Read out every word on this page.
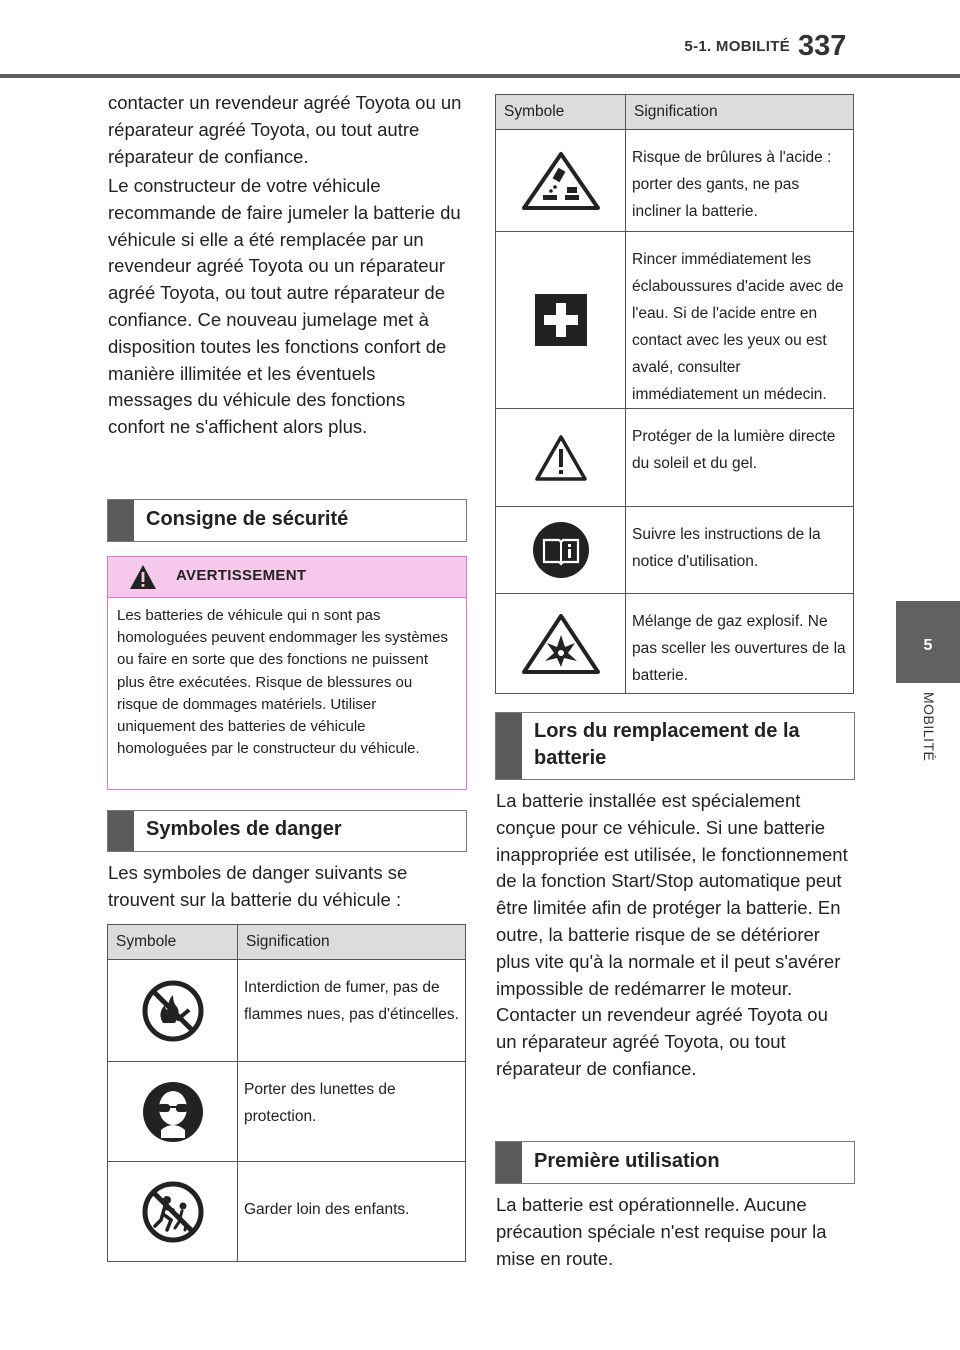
5-1. MOBILITÉ 337
5
MOBILITÉ

contacter un revendeur agréé Toyota ou un réparateur agréé Toyota, ou tout autre réparateur de confiance.

Le constructeur de votre véhicule recommande de faire jumeler la batterie du véhicule si elle a été remplacée par un revendeur agréé Toyota ou un réparateur agréé Toyota, ou tout autre réparateur de confiance. Ce nouveau jumelage met à disposition toutes les fonctions confort de manière illimitée et les éventuels messages du véhicule des fonctions confort ne s'affichent alors plus.

Consigne de sécurité
AVERTISSEMENT

Les batteries de véhicule qui n sont pas homologuées peuvent endommager les systèmes ou faire en sorte que des fonctions ne puissent plus être exécutées. Risque de blessures ou risque de dommages matériels. Utiliser uniquement des batteries de véhicule homologuées par le constructeur du véhicule.

Symboles de danger

Les symboles de danger suivants se trouvent sur la batterie du véhicule :

Symbole	Signification
	Interdiction de fumer, pas de flammes nues, pas d'étincelles.
	Porter des lunettes de protection.
	Garder loin des enfants.
Symbole	Signification
	Risque de brûlures à l'acide : porter des gants, ne pas incliner la batterie.
	Rincer immédiatement les éclaboussures d'acide avec de l'eau. Si de l'acide entre en contact avec les yeux ou est avalé, consulter immédiatement un médecin.
	Protéger de la lumière directe du soleil et du gel.
	Suivre les instructions de la notice d'utilisation.
	Mélange de gaz explosif. Ne pas sceller les ouvertures de la batterie.
Lors du remplacement de la batterie

La batterie installée est spécialement conçue pour ce véhicule. Si une batterie inappropriée est utilisée, le fonctionnement de la fonction Start/Stop automatique peut être limitée afin de protéger la batterie. En outre, la batterie risque de se détériorer plus vite qu'à la normale et il peut s'avérer impossible de redémarrer le moteur. Contacter un revendeur agréé Toyota ou un réparateur agréé Toyota, ou tout réparateur de confiance.

Première utilisation

La batterie est opérationnelle. Aucune précaution spéciale n'est requise pour la mise en route.
